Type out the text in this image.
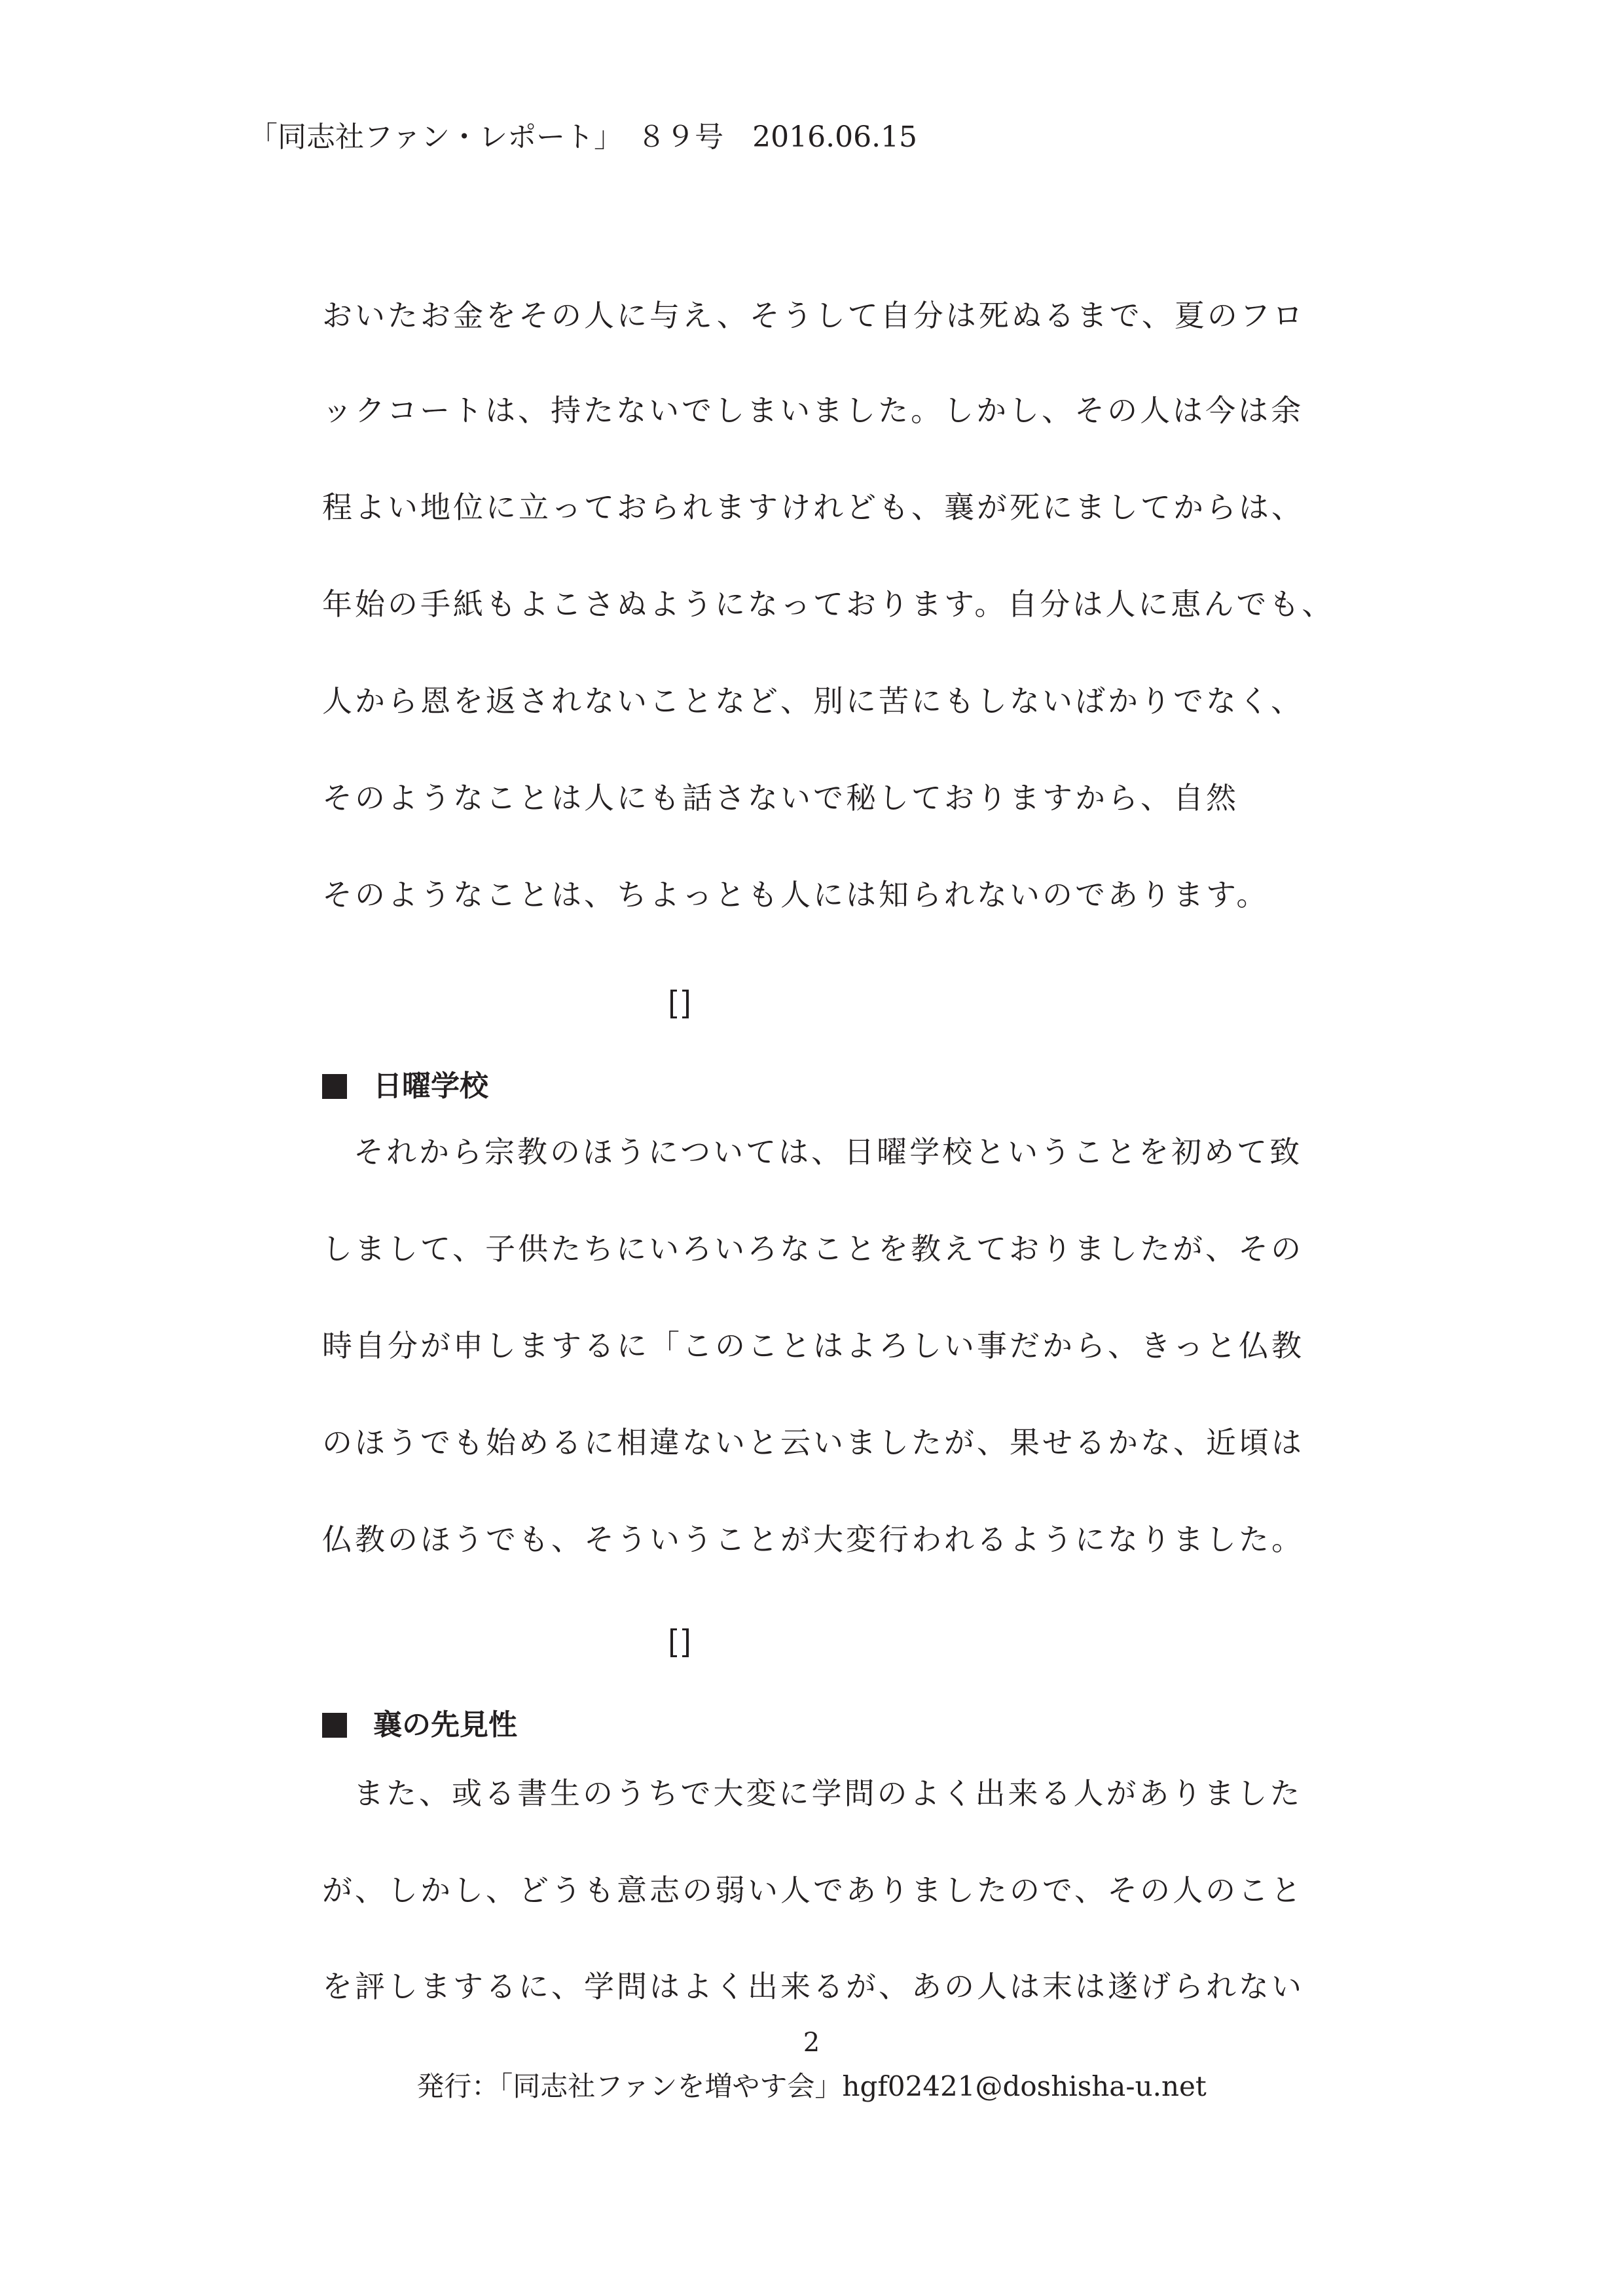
「同志社ファン・レポート」　８９号　2016.06.15
おいたお金をその人に与え、そうして自分は死ぬるまで、夏のフロ
ックコートは、持たないでしまいました。しかし、その人は今は余
程よい地位に立っておられますけれども、襄が死にましてからは、
年始の手紙もよこさぬようになっております。自分は人に恵んでも、
人から恩を返されないことなど、別に苦にもしないばかりでなく、
そのようなことは人にも話さないで秘しておりますから、自然
そのようなことは、ちよっとも人には知られないのであります。
日曜学校
それから宗教のほうについては、日曜学校ということを初めて致
しまして、子供たちにいろいろなことを教えておりましたが、その
時自分が申しまするに「このことはよろしい事だから、きっと仏教
のほうでも始めるに相違ないと云いましたが、果せるかな、近頃は
仏教のほうでも、そういうことが大変行われるようになりました。
襄の先見性
また、或る書生のうちで大変に学問のよく出来る人がありました
が、しかし、どうも意志の弱い人でありましたので、その人のこと
を評しまするに、学問はよく出来るが、あの人は末は遂げられない
2
発行：「同志社ファンを増やす会」hgf02421@doshisha-u.net
